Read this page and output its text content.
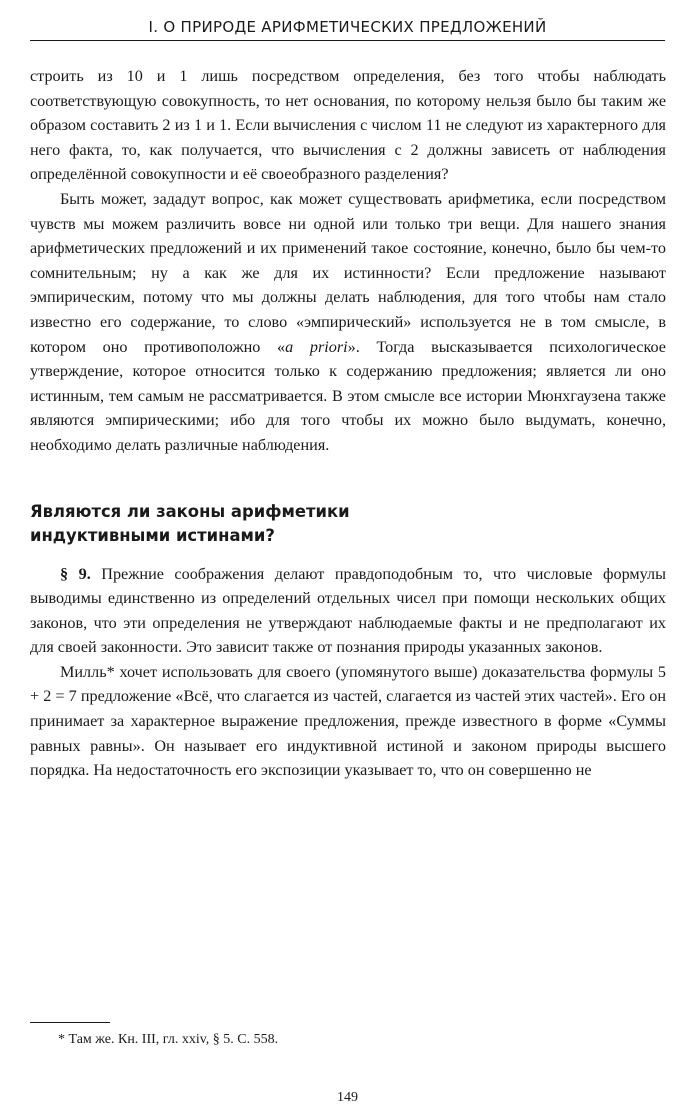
I. О ПРИРОДЕ АРИФМЕТИЧЕСКИХ ПРЕДЛОЖЕНИЙ

строить из 10 и 1 лишь посредством определения, без того чтобы наблюдать соответствующую совокупность, то нет основания, по которому нельзя было бы таким же образом составить 2 из 1 и 1. Если вычисления с числом 11 не следуют из характерного для него факта, то, как получается, что вычисления с 2 должны зависеть от наблюдения определённой совокупности и её своеобразного разделения?

Быть может, зададут вопрос, как может существовать арифметика, если посредством чувств мы можем различить вовсе ни одной или только три вещи. Для нашего знания арифметических предложений и их применений такое состояние, конечно, было бы чем-то сомнительным; ну а как же для их истинности? Если предложение называют эмпирическим, потому что мы должны делать наблюдения, для того чтобы нам стало известно его содержание, то слово «эмпирический» используется не в том смысле, в котором оно противоположно «a priori». Тогда высказывается психологическое утверждение, которое относится только к содержанию предложения; является ли оно истинным, тем самым не рассматривается. В этом смысле все истории Мюнхгаузена также являются эмпирическими; ибо для того чтобы их можно было выдумать, конечно, необходимо делать различные наблюдения.

Являются ли законы арифметики
индуктивными истинами?

§ 9. Прежние соображения делают правдоподобным то, что числовые формулы выводимы единственно из определений отдельных чисел при помощи нескольких общих законов, что эти определения не утверждают наблюдаемые факты и не предполагают их для своей законности. Это зависит также от познания природы указанных законов.

Милль* хочет использовать для своего (упомянутого выше) доказательства формулы 5 + 2 = 7 предложение «Всё, что слагается из частей, слагается из частей этих частей». Его он принимает за характерное выражение предложения, прежде известного в форме «Суммы равных равны». Он называет его индуктивной истиной и законом природы высшего порядка. На недостаточность его экспозиции указывает то, что он совершенно не

* Там же. Кн. III, гл. xxiv, § 5. С. 558.
149
